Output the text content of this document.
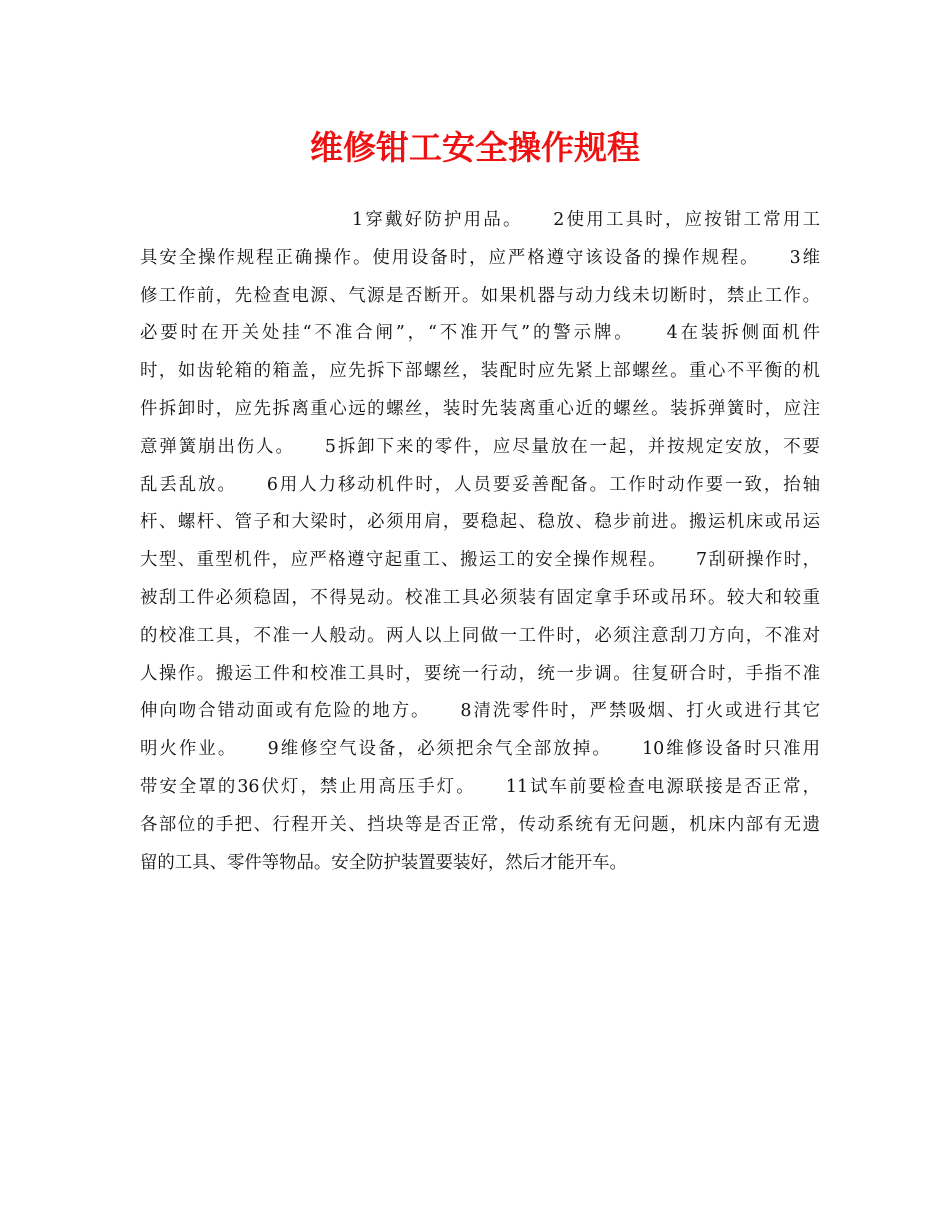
维修钳工安全操作规程
1穿戴好防护用品。　　2使用工具时，应按钳工常用工
具安全操作规程正确操作。使用设备时，应严格遵守该设备的操作规程。　　3维
修工作前，先检查电源、气源是否断开。如果机器与动力线未切断时，禁止工作。
必要时在开关处挂“不准合闸”，“不准开气”的警示牌。　　4在装拆侧面机件
时，如齿轮箱的箱盖，应先拆下部螺丝，装配时应先紧上部螺丝。重心不平衡的机
件拆卸时，应先拆离重心远的螺丝，装时先装离重心近的螺丝。装拆弹簧时，应注
意弹簧崩出伤人。　　5拆卸下来的零件，应尽量放在一起，并按规定安放，不要
乱丢乱放。　　6用人力移动机件时，人员要妥善配备。工作时动作要一致，抬轴
杆、螺杆、管子和大梁时，必须用肩，要稳起、稳放、稳步前进。搬运机床或吊运
大型、重型机件，应严格遵守起重工、搬运工的安全操作规程。　　7刮研操作时，
被刮工件必须稳固，不得晃动。校准工具必须装有固定拿手环或吊环。较大和较重
的校准工具，不准一人般动。两人以上同做一工件时，必须注意刮刀方向，不准对
人操作。搬运工件和校准工具时，要统一行动，统一步调。往复研合时，手指不准
伸向吻合错动面或有危险的地方。　　8清洗零件时，严禁吸烟、打火或进行其它
明火作业。　　9维修空气设备，必须把余气全部放掉。　　10维修设备时只准用
带安全罩的36伏灯，禁止用高压手灯。　　11试车前要检查电源联接是否正常，
各部位的手把、行程开关、挡块等是否正常，传动系统有无问题，机床内部有无遗
留的工具、零件等物品。安全防护装置要装好，然后才能开车。
